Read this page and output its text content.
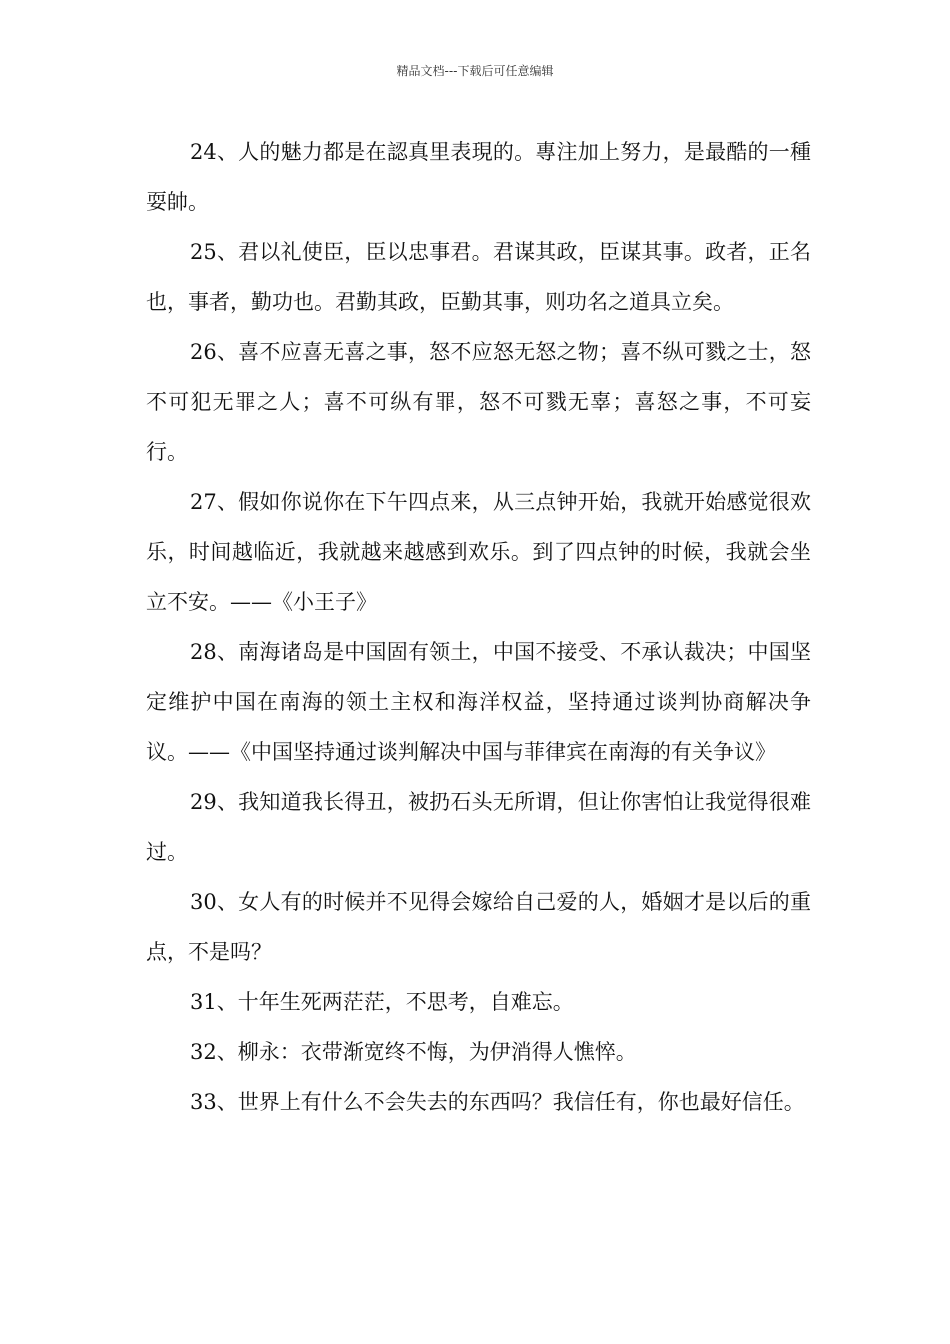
精品文档---下载后可任意编辑

24、人的魅力都是在認真里表現的。專注加上努力，是最酷的一種耍帥。

25、君以礼使臣，臣以忠事君。君谋其政，臣谋其事。政者，正名也，事者，勤功也。君勤其政，臣勤其事，则功名之道具立矣。

26、喜不应喜无喜之事，怒不应怒无怒之物；喜不纵可戮之士，怒不可犯无罪之人；喜不可纵有罪，怒不可戮无辜；喜怒之事，不可妄行。

27、假如你说你在下午四点来，从三点钟开始，我就开始感觉很欢乐，时间越临近，我就越来越感到欢乐。到了四点钟的时候，我就会坐立不安。——《小王子》

28、南海诸岛是中国固有领土，中国不接受、不承认裁决；中国坚定维护中国在南海的领土主权和海洋权益，坚持通过谈判协商解决争议。——《中国坚持通过谈判解决中国与菲律宾在南海的有关争议》

29、我知道我长得丑，被扔石头无所谓，但让你害怕让我觉得很难过。

30、女人有的时候并不见得会嫁给自己爱的人，婚姻才是以后的重点，不是吗？

31、十年生死两茫茫，不思考，自难忘。

32、柳永：衣带渐宽终不悔，为伊消得人憔悴。

33、世界上有什么不会失去的东西吗？我信任有，你也最好信任。
